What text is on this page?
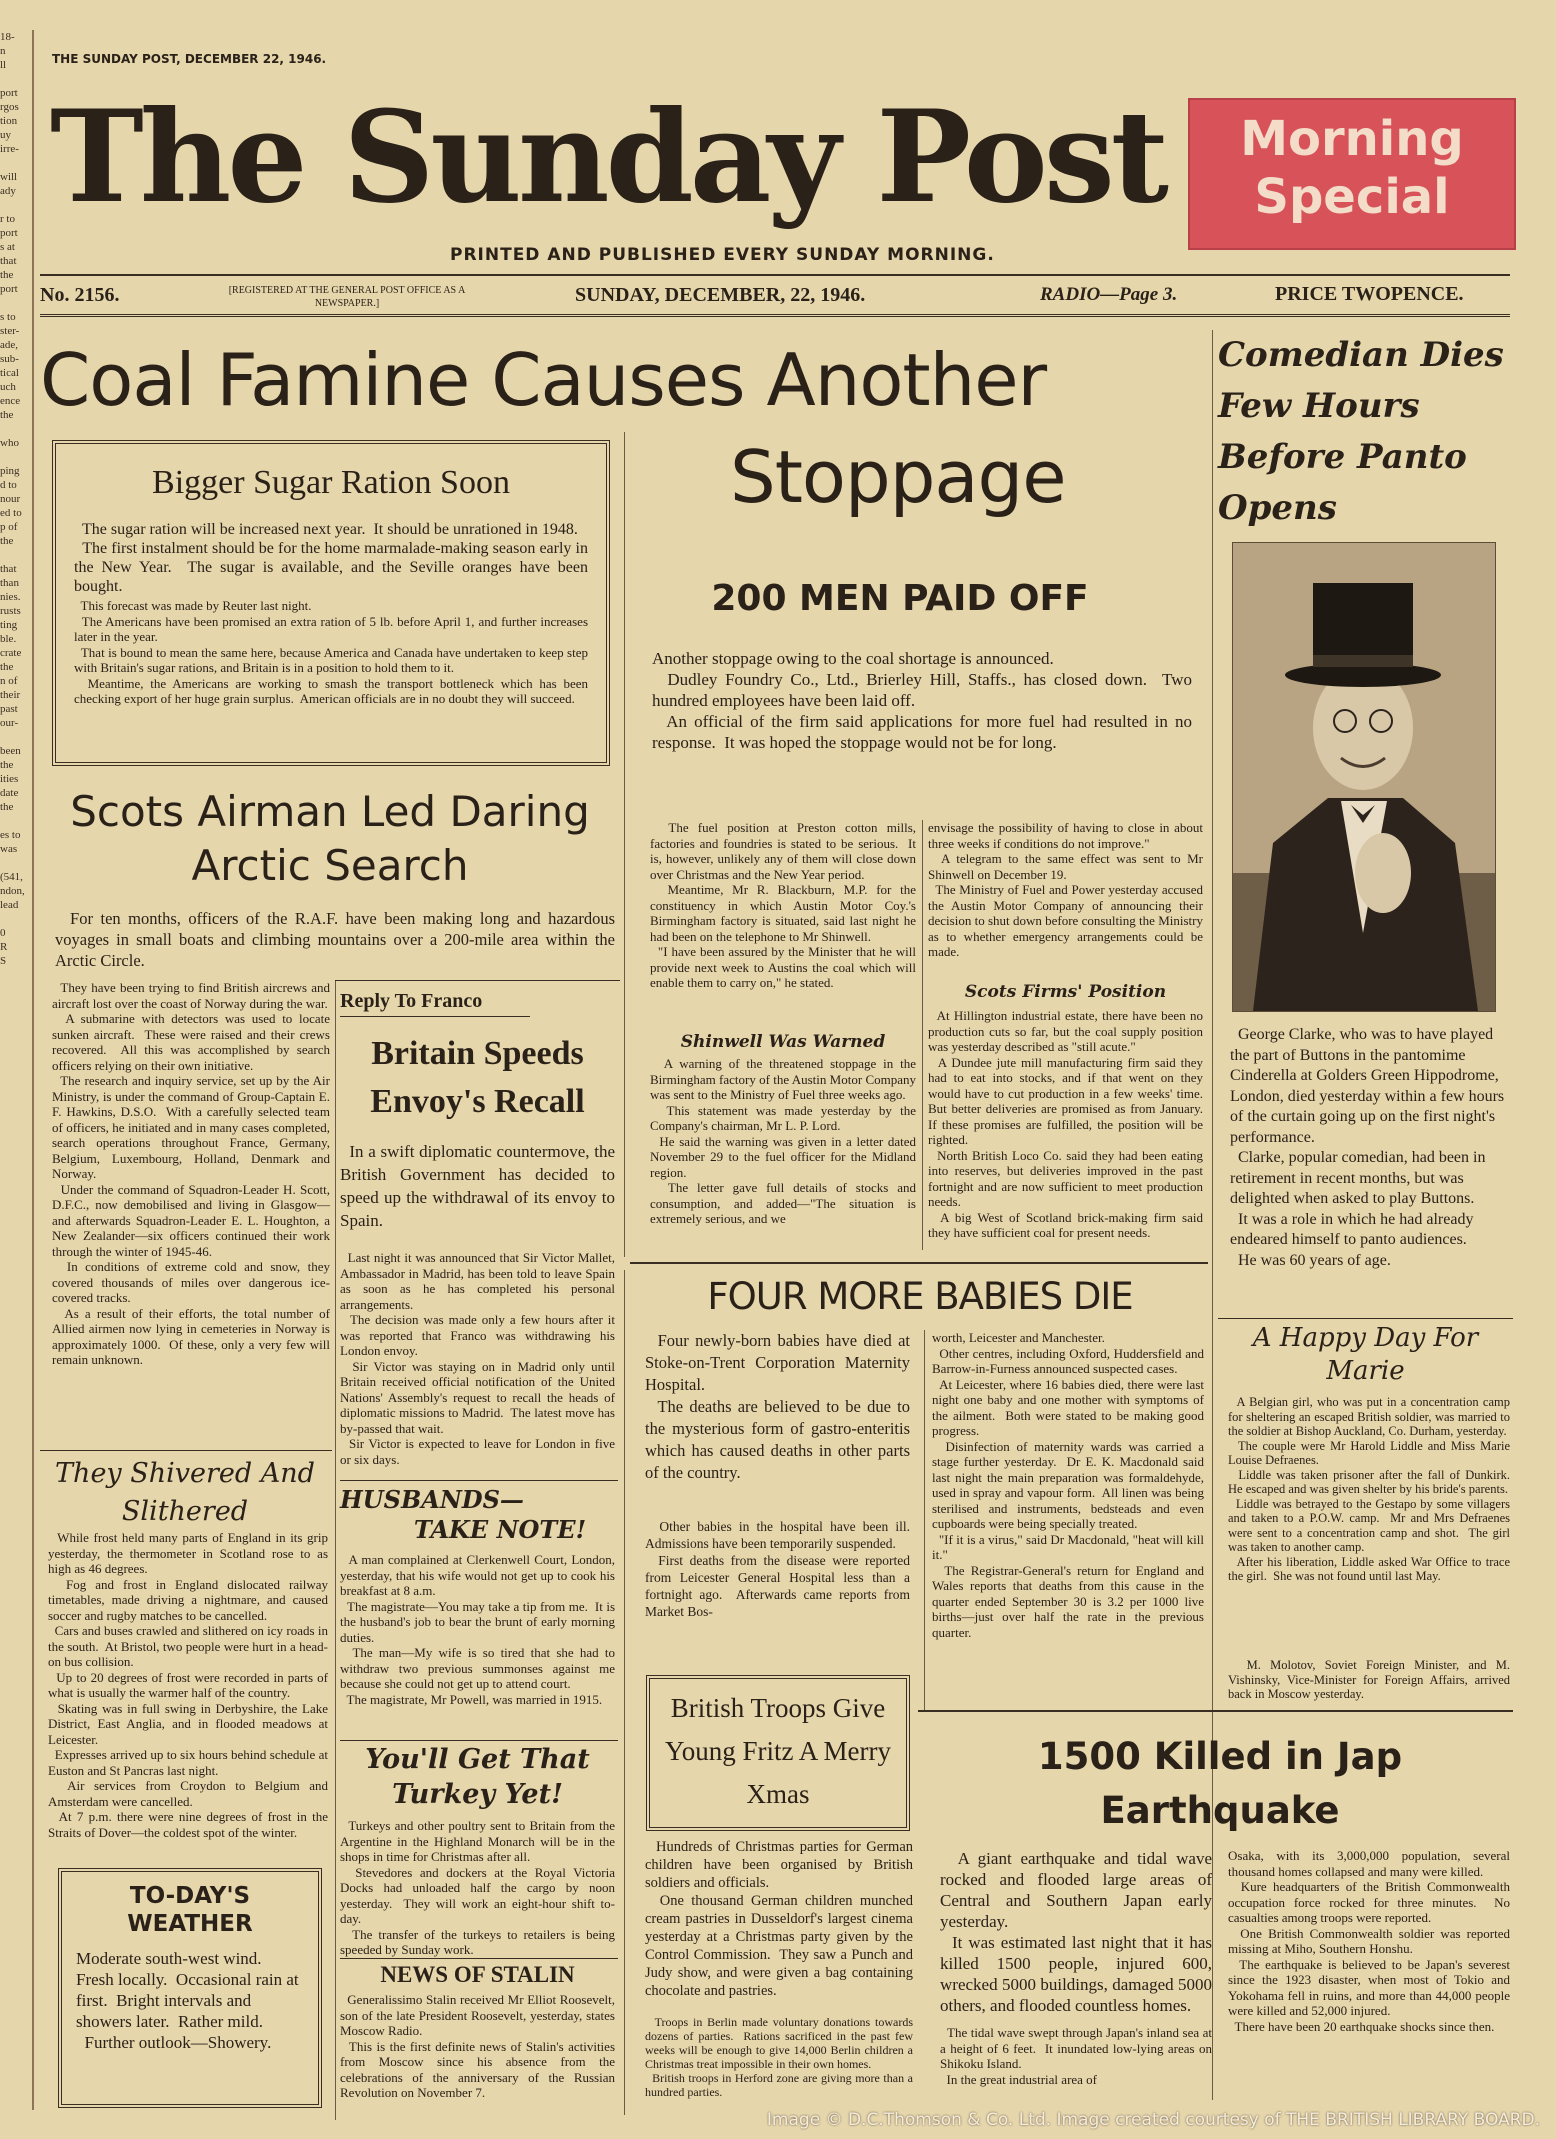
18-
n
ll

port
rgos
tion
uy
irre-

will
ady

r to
port
s at
that
the
port

s to
ster-
ade,
sub-
tical
uch
ence
the

who

ping
d to
nour
ed to
p of
the

that
than
nies.
rusts
ting
ble.
crate
the
n of
their
past
our-

been
the
ities
date
the

es to
was

(541,
ndon,
lead

0
R
S
THE SUNDAY POST, DECEMBER 22, 1946.
The Sunday Post	Morning
Special
PRINTED AND PUBLISHED EVERY SUNDAY MORNING.
No. 2156.	[REGISTERED AT THE GENERAL POST OFFICE AS A NEWSPAPER.]	SUNDAY, DECEMBER, 22, 1946.	RADIO—Page 3.	PRICE TWOPENCE.
Coal Famine Causes Another
Stoppage
200 MEN PAID OFF
Another stoppage owing to the coal shortage is announced.
Dudley Foundry Co., Ltd., Brierley Hill, Staffs., has closed down.  Two hundred employees have been laid off.
An official of the firm said applications for more fuel had resulted in no response.  It was hoped the stoppage would not be for long.
The fuel position at Preston cotton mills, factories and foundries is stated to be serious.  It is, however, unlikely any of them will close down over Christmas and the New Year period.
Meantime, Mr R. Blackburn, M.P. for the constituency in which Austin Motor Coy.'s Birmingham factory is situated, said last night he had been on the telephone to Mr Shinwell.
"I have been assured by the Minister that he will provide next week to Austins the coal which will enable them to carry on," he stated.
Shinwell Was Warned
A warning of the threatened stoppage in the Birmingham factory of the Austin Motor Company was sent to the Ministry of Fuel three weeks ago.
This statement was made yesterday by the Company's chairman, Mr L. P. Lord.
He said the warning was given in a letter dated November 29 to the fuel officer for the Midland region.
The letter gave full details of stocks and consumption, and added—"The situation is extremely serious, and we
envisage the possibility of having to close in about three weeks if conditions do not improve."
A telegram to the same effect was sent to Mr Shinwell on December 19.
The Ministry of Fuel and Power yesterday accused the Austin Motor Company of announcing their decision to shut down before consulting the Ministry as to whether emergency arrangements could be made.
Scots Firms' Position
At Hillington industrial estate, there have been no production cuts so far, but the coal supply position was yesterday described as "still acute."
A Dundee jute mill manufacturing firm said they had to eat into stocks, and if that went on they would have to cut production in a few weeks' time.  But better deliveries are promised as from January.  If these promises are fulfilled, the position will be righted.
North British Loco Co. said they had been eating into reserves, but deliveries improved in the past fortnight and are now sufficient to meet production needs.
A big West of Scotland brick-making firm said they have sufficient coal for present needs.
Bigger Sugar Ration Soon
The sugar ration will be increased next year.  It should be unrationed in 1948.
The first instalment should be for the home marmalade-making season early in the New Year.  The sugar is available, and the Seville oranges have been bought.
This forecast was made by Reuter last night.
The Americans have been promised an extra ration of 5 lb. before April 1, and further increases later in the year.
That is bound to mean the same here, because America and Canada have undertaken to keep step with Britain's sugar rations, and Britain is in a position to hold them to it.
Meantime, the Americans are working to smash the transport bottleneck which has been checking export of her huge grain surplus.  American officials are in no doubt they will succeed.
Scots Airman Led Daring Arctic Search
For ten months, officers of the R.A.F. have been making long and hazardous voyages in small boats and climbing mountains over a 200-mile area within the Arctic Circle.
They have been trying to find British aircrews and aircraft lost over the coast of Norway during the war.
A submarine with detectors was used to locate sunken aircraft.  These were raised and their crews recovered.  All this was accomplished by search officers relying on their own initiative.
The research and inquiry service, set up by the Air Ministry, is under the command of Group-Captain E. F. Hawkins, D.S.O.  With a carefully selected team of officers, he initiated and in many cases completed, search operations throughout France, Germany, Belgium, Luxembourg, Holland, Denmark and Norway.
Under the command of Squadron-Leader H. Scott, D.F.C., now demobilised and living in Glasgow—and afterwards Squadron-Leader E. L. Houghton, a New Zealander—six officers continued their work through the winter of 1945-46.
In conditions of extreme cold and snow, they covered thousands of miles over dangerous ice-covered tracks.
As a result of their efforts, the total number of Allied airmen now lying in cemeteries in Norway is approximately 1000.  Of these, only a very few will remain unknown.
Reply To Franco
Britain Speeds Envoy's Recall
In a swift diplomatic countermove, the British Government has decided to speed up the withdrawal of its envoy to Spain.
Last night it was announced that Sir Victor Mallet, Ambassador in Madrid, has been told to leave Spain as soon as he has completed his personal arrangements.
The decision was made only a few hours after it was reported that Franco was withdrawing his London envoy.
Sir Victor was staying on in Madrid only until Britain received official notification of the United Nations' Assembly's request to recall the heads of diplomatic missions to Madrid.  The latest move has by-passed that wait.
Sir Victor is expected to leave for London in five or six days.
HUSBANDS—
TAKE NOTE!
A man complained at Clerkenwell Court, London, yesterday, that his wife would not get up to cook his breakfast at 8 a.m.
The magistrate—You may take a tip from me.  It is the husband's job to bear the brunt of early morning duties.
The man—My wife is so tired that she had to withdraw two previous summonses against me because she could not get up to attend court.
The magistrate, Mr Powell, was married in 1915.
You'll Get That Turkey Yet!
Turkeys and other poultry sent to Britain from the Argentine in the Highland Monarch will be in the shops in time for Christmas after all.
Stevedores and dockers at the Royal Victoria Docks had unloaded half the cargo by noon yesterday.  They will work an eight-hour shift to-day.
The transfer of the turkeys to retailers is being speeded by Sunday work.
NEWS OF STALIN
Generalissimo Stalin received Mr Elliot Roosevelt, son of the late President Roosevelt, yesterday, states Moscow Radio.
This is the first definite news of Stalin's activities from Moscow since his absence from the celebrations of the anniversary of the Russian Revolution on November 7.
They Shivered And Slithered
While frost held many parts of England in its grip yesterday, the thermometer in Scotland rose to as high as 46 degrees.
Fog and frost in England dislocated railway timetables, made driving a nightmare, and caused soccer and rugby matches to be cancelled.
Cars and buses crawled and slithered on icy roads in the south.  At Bristol, two people were hurt in a head-on bus collision.
Up to 20 degrees of frost were recorded in parts of what is usually the warmer half of the country.
Skating was in full swing in Derbyshire, the Lake District, East Anglia, and in flooded meadows at Leicester.
Expresses arrived up to six hours behind schedule at Euston and St Pancras last night.
Air services from Croydon to Belgium and Amsterdam were cancelled.
At 7 p.m. there were nine degrees of frost in the Straits of Dover—the coldest spot of the winter.
TO-DAY'S WEATHER
Moderate south-west wind.  Fresh locally.  Occasional rain at first.  Bright intervals and showers later.  Rather mild.
Further outlook—Showery.
FOUR MORE BABIES DIE
Four newly-born babies have died at Stoke-on-Trent Corporation Maternity Hospital.
The deaths are believed to be due to the mysterious form of gastro-enteritis which has caused deaths in other parts of the country.
Other babies in the hospital have been ill.  Admissions have been temporarily suspended.
First deaths from the disease were reported from Leicester General Hospital less than a fortnight ago.  Afterwards came reports from Market Bos-
worth, Leicester and Manchester.
Other centres, including Oxford, Huddersfield and Barrow-in-Furness announced suspected cases.
At Leicester, where 16 babies died, there were last night one baby and one mother with symptoms of the ailment.  Both were stated to be making good progress.
Disinfection of maternity wards was carried a stage further yesterday.  Dr E. K. Macdonald said last night the main preparation was formaldehyde, used in spray and vapour form.  All linen was being sterilised and instruments, bedsteads and even cupboards were being specially treated.
"If it is a virus," said Dr Macdonald, "heat will kill it."
The Registrar-General's return for England and Wales reports that deaths from this cause in the quarter ended September 30 is 3.2 per 1000 live births—just over half the rate in the previous quarter.
British Troops Give Young Fritz A Merry Xmas
Hundreds of Christmas parties for German children have been organised by British soldiers and officials.
One thousand German children munched cream pastries in Dusseldorf's largest cinema yesterday at a Christmas party given by the Control Commission.  They saw a Punch and Judy show, and were given a bag containing chocolate and pastries.
Troops in Berlin made voluntary donations towards dozens of parties.  Rations sacrificed in the past few weeks will be enough to give 14,000 Berlin children a Christmas treat impossible in their own homes.
British troops in Herford zone are giving more than a hundred parties.
Comedian Dies Few Hours Before Panto Opens
George Clarke, who was to have played the part of Buttons in the pantomime Cinderella at Golders Green Hippodrome, London, died yesterday within a few hours of the curtain going up on the first night's performance.
Clarke, popular comedian, had been in retirement in recent months, but was delighted when asked to play Buttons.
It was a role in which he had already endeared himself to panto audiences.
He was 60 years of age.
A Happy Day For Marie
A Belgian girl, who was put in a concentration camp for sheltering an escaped British soldier, was married to the soldier at Bishop Auckland, Co. Durham, yesterday.
The couple were Mr Harold Liddle and Miss Marie Louise Defraenes.
Liddle was taken prisoner after the fall of Dunkirk.  He escaped and was given shelter by his bride's parents.
Liddle was betrayed to the Gestapo by some villagers and taken to a P.O.W. camp.  Mr and Mrs Defraenes were sent to a concentration camp and shot.  The girl was taken to another camp.
After his liberation, Liddle asked War Office to trace the girl.  She was not found until last May.
M. Molotov, Soviet Foreign Minister, and M. Vishinsky, Vice-Minister for Foreign Affairs, arrived back in Moscow yesterday.
1500 Killed in Jap Earthquake
A giant earthquake and tidal wave rocked and flooded large areas of Central and Southern Japan early yesterday.
It was estimated last night that it has killed 1500 people, injured 600, wrecked 5000 buildings, damaged 5000 others, and flooded countless homes.
The tidal wave swept through Japan's inland sea at a height of 6 feet.  It inundated low-lying areas on Shikoku Island.
In the great industrial area of
Osaka, with its 3,000,000 population, several thousand homes collapsed and many were killed.
Kure headquarters of the British Commonwealth occupation force rocked for three minutes.  No casualties among troops were reported.
One British Commonwealth soldier was reported missing at Miho, Southern Honshu.
The earthquake is believed to be Japan's severest since the 1923 disaster, when most of Tokio and Yokohama fell in ruins, and more than 44,000 people were killed and 52,000 injured.
There have been 20 earthquake shocks since then.
Image © D.C.Thomson & Co. Ltd. Image created courtesy of THE BRITISH LIBRARY BOARD.
